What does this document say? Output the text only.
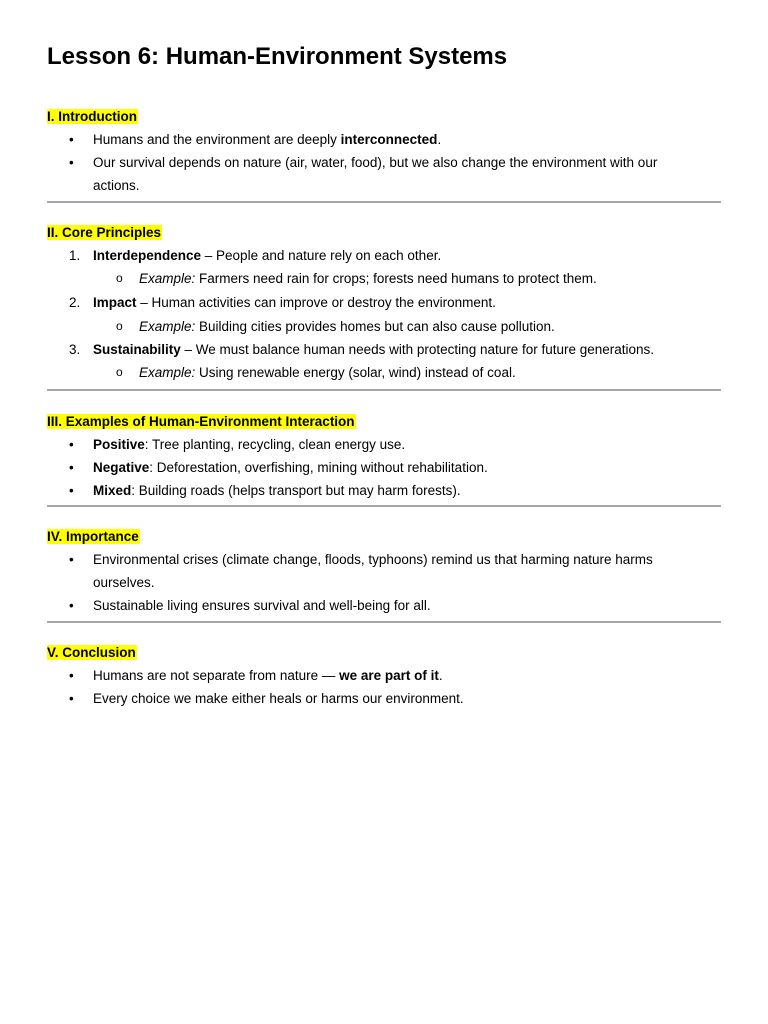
Lesson 6: Human-Environment Systems
I. Introduction
• Humans and the environment are deeply interconnected.
• Our survival depends on nature (air, water, food), but we also change the environment with our
actions.
II. Core Principles
1. Interdependence – People and nature rely on each other.
o Example: Farmers need rain for crops; forests need humans to protect them.
2. Impact – Human activities can improve or destroy the environment.
o Example: Building cities provides homes but can also cause pollution.
3. Sustainability – We must balance human needs with protecting nature for future generations.
o Example: Using renewable energy (solar, wind) instead of coal.
III. Examples of Human-Environment Interaction
• Positive: Tree planting, recycling, clean energy use.
• Negative: Deforestation, overfishing, mining without rehabilitation.
• Mixed: Building roads (helps transport but may harm forests).
IV. Importance
• Environmental crises (climate change, floods, typhoons) remind us that harming nature harms
ourselves.
• Sustainable living ensures survival and well-being for all.
V. Conclusion
• Humans are not separate from nature — we are part of it.
• Every choice we make either heals or harms our environment.
